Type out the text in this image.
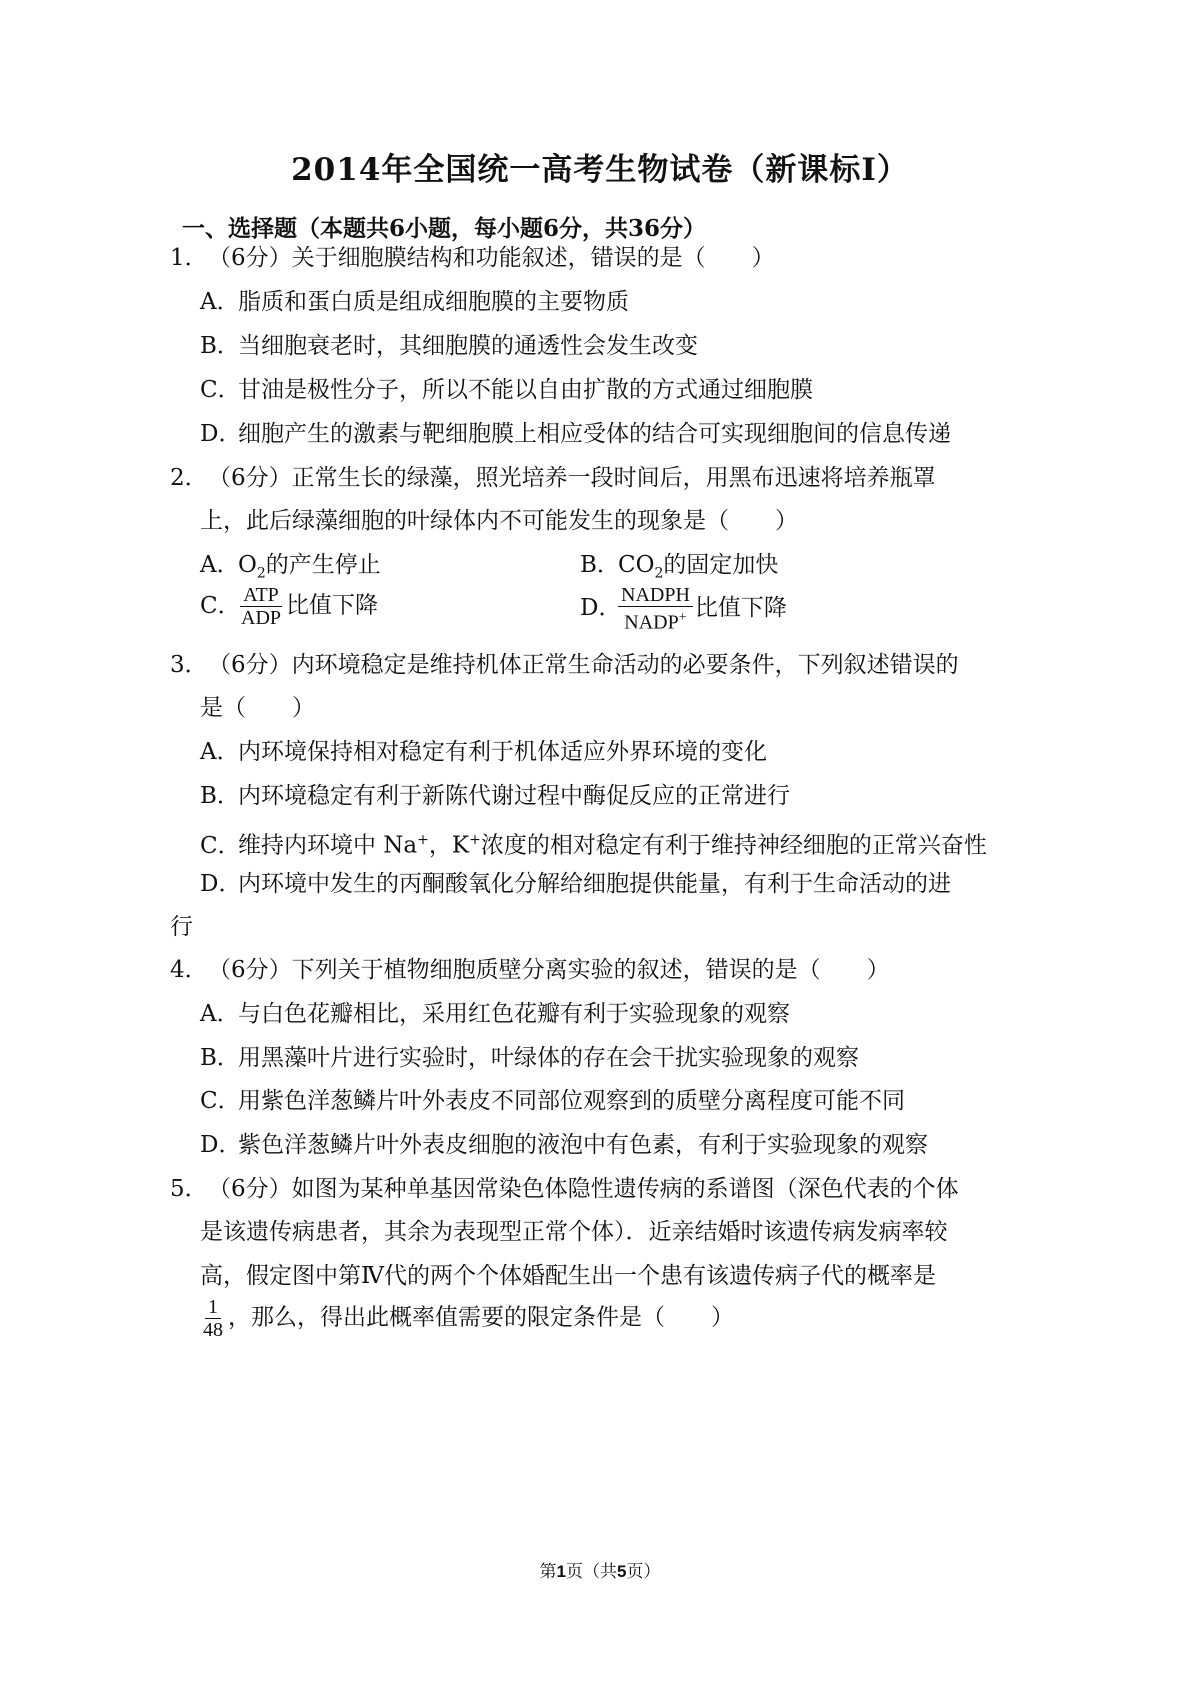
2014年全国统一高考生物试卷（新课标Ⅰ）
一、选择题（本题共6小题，每小题6分，共36分）
1．（6分）关于细胞膜结构和功能叙述，错误的是（　　）
A．脂质和蛋白质是组成细胞膜的主要物质
B．当细胞衰老时，其细胞膜的通透性会发生改变
C．甘油是极性分子，所以不能以自由扩散的方式通过细胞膜
D．细胞产生的激素与靶细胞膜上相应受体的结合可实现细胞间的信息传递
2．（6分）正常生长的绿藻，照光培养一段时间后，用黑布迅速将培养瓶罩
上，此后绿藻细胞的叶绿体内不可能发生的现象是（　　）
A．$O_2$的产生停止	B．$CO_2$的固定加快
C．
$\frac{\text{ATP}}{\text{ADP}}$ 比值下降	D．
$\frac{\text{NADPH}}{NADP^+}$ 比值下降
3．（6分）内环境稳定是维持机体正常生命活动的必要条件，下列叙述错误的
是（　　）
A．内环境保持相对稳定有利于机体适应外界环境的变化
B．内环境稳定有利于新陈代谢过程中酶促反应的正常进行
C．维持内环境中 Na+，K+浓度的相对稳定有利于维持神经细胞的正常兴奋性
D．内环境中发生的丙酮酸氧化分解给细胞提供能量，有利于生命活动的进
行
4．（6分）下列关于植物细胞质壁分离实验的叙述，错误的是（　　）
A．与白色花瓣相比，采用红色花瓣有利于实验现象的观察
B．用黑藻叶片进行实验时，叶绿体的存在会干扰实验现象的观察
C．用紫色洋葱鳞片叶外表皮不同部位观察到的质壁分离程度可能不同
D．紫色洋葱鳞片叶外表皮细胞的液泡中有色素，有利于实验现象的观察
5．（6分）如图为某种单基因常染色体隐性遗传病的系谱图（深色代表的个体
是该遗传病患者，其余为表现型正常个体）．近亲结婚时该遗传病发病率较
高，假定图中第Ⅳ代的两个个体婚配生出一个患有该遗传病子代的概率是
$\frac{1}{48}$ ，那么，得出此概率值需要的限定条件是（　　）
第1页（共5页）
